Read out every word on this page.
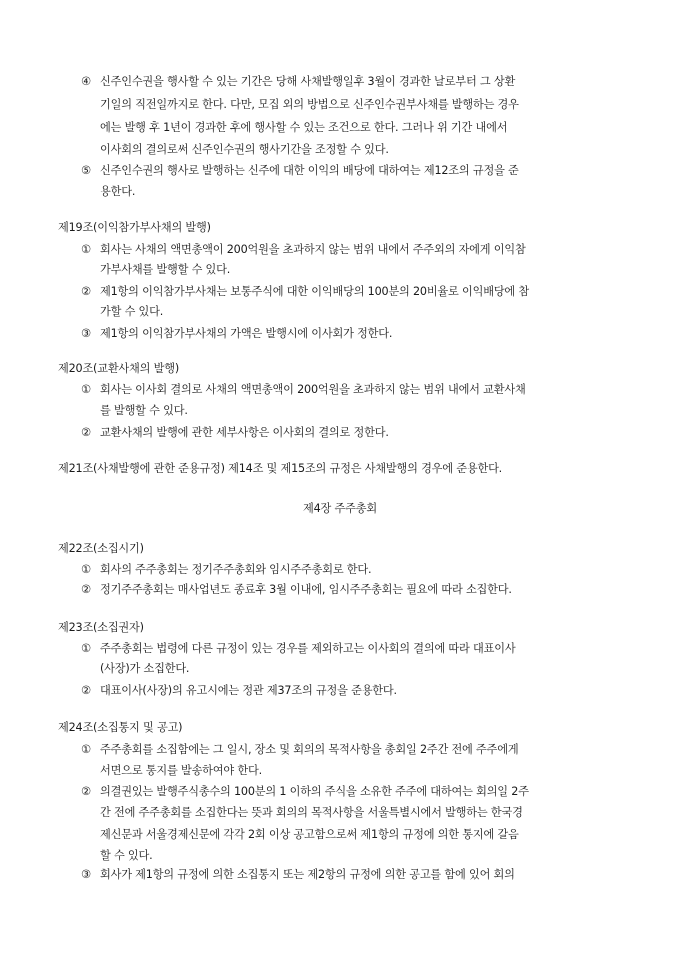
④ 신주인수권을 행사할 수 있는 기간은 당해 사채발행일후 3월이 경과한 날로부터 그 상환
기일의 직전일까지로 한다. 다만, 모집 외의 방법으로 신주인수권부사채를 발행하는 경우
에는 발행 후 1년이 경과한 후에 행사할 수 있는 조건으로 한다. 그러나 위 기간 내에서
이사회의 결의로써 신주인수권의 행사기간을 조정할 수 있다.
⑤ 신주인수권의 행사로 발행하는 신주에 대한 이익의 배당에 대하여는 제12조의 규정을 준
용한다.
제19조(이익참가부사채의 발행)
① 회사는 사채의 액면총액이 200억원을 초과하지 않는 범위 내에서 주주외의 자에게 이익참
가부사채를 발행할 수 있다.
② 제1항의 이익참가부사채는 보통주식에 대한 이익배당의 100분의 20비율로 이익배당에 참
가할 수 있다.
③ 제1항의 이익참가부사채의 가액은 발행시에 이사회가 정한다.
제20조(교환사채의 발행)
① 회사는 이사회 결의로 사채의 액면총액이 200억원을 초과하지 않는 범위 내에서 교환사채
를 발행할 수 있다.
② 교환사채의 발행에 관한 세부사항은 이사회의 결의로 정한다.
제21조(사채발행에 관한 준용규정) 제14조 및 제15조의 규정은 사채발행의 경우에 준용한다.
제4장 주주총회
제22조(소집시기)
① 회사의 주주총회는 정기주주총회와 임시주주총회로 한다.
② 정기주주총회는 매사업년도 종료후 3월 이내에, 임시주주총회는 필요에 따라 소집한다.
제23조(소집권자)
① 주주총회는 법령에 다른 규정이 있는 경우를 제외하고는 이사회의 결의에 따라 대표이사
(사장)가 소집한다.
② 대표이사(사장)의 유고시에는 정관 제37조의 규정을 준용한다.
제24조(소집통지 및 공고)
① 주주총회를 소집함에는 그 일시, 장소 및 회의의 목적사항을 총회일 2주간 전에 주주에게
서면으로 통지를 발송하여야 한다.
② 의결권있는 발행주식총수의 100분의 1 이하의 주식을 소유한 주주에 대하여는 회의일 2주
간 전에 주주총회를 소집한다는 뜻과 회의의 목적사항을 서울특별시에서 발행하는 한국경
제신문과 서울경제신문에 각각 2회 이상 공고함으로써 제1항의 규정에 의한 통지에 갈음
할 수 있다.
③ 회사가 제1항의 규정에 의한 소집통지 또는 제2항의 규정에 의한 공고를 함에 있어 회의
